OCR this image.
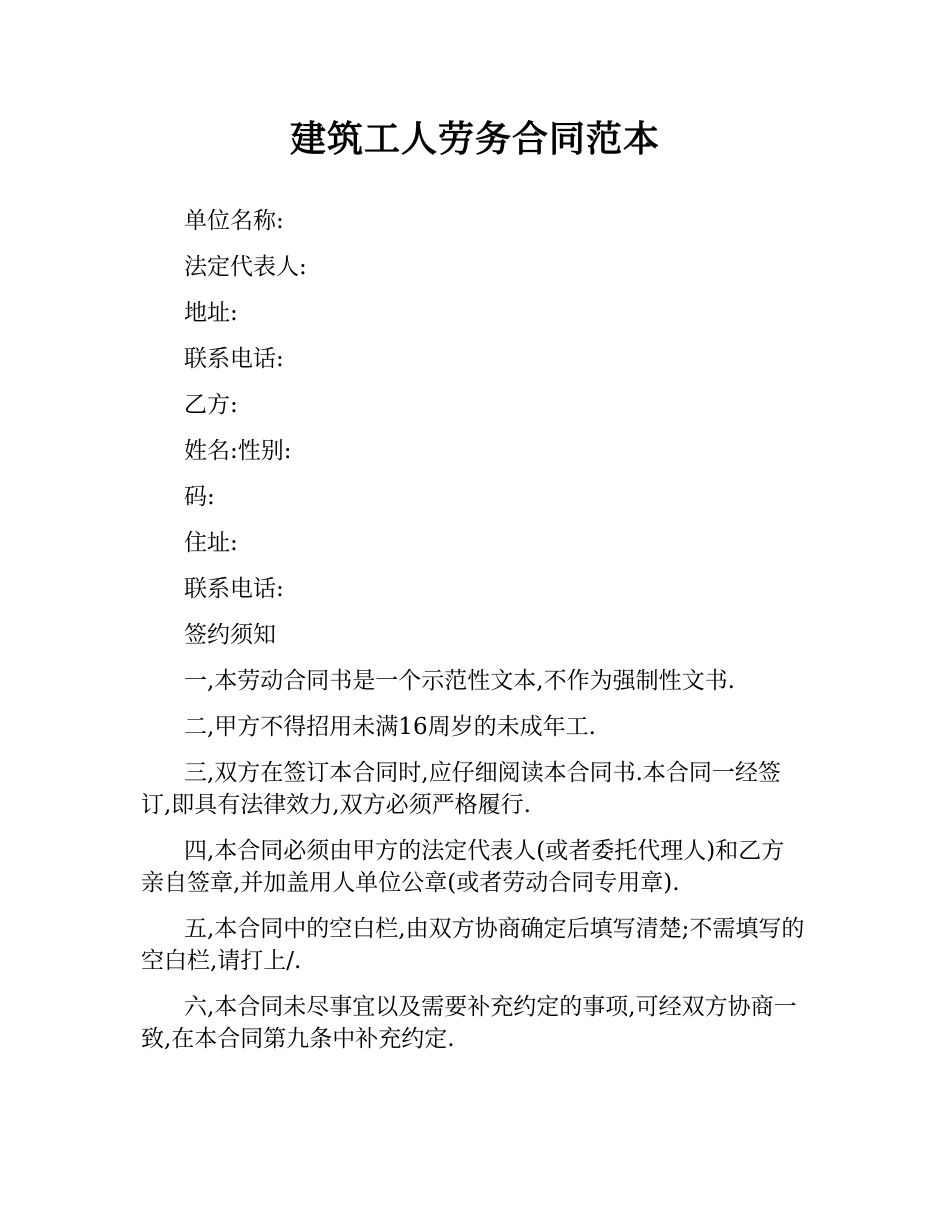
建筑工人劳务合同范本

单位名称:

法定代表人:

地址:

联系电话:

乙方:

姓名:性别:

码:

住址:

联系电话:

签约须知

一,本劳动合同书是一个示范性文本,不作为强制性文书.

二,甲方不得招用未满16周岁的未成年工.

三,双方在签订本合同时,应仔细阅读本合同书.本合同一经签订,即具有法律效力,双方必须严格履行.

四,本合同必须由甲方的法定代表人(或者委托代理人)和乙方亲自签章,并加盖用人单位公章(或者劳动合同专用章).

五,本合同中的空白栏,由双方协商确定后填写清楚;不需填写的空白栏,请打上/.

六,本合同未尽事宜以及需要补充约定的事项,可经双方协商一致,在本合同第九条中补充约定.
